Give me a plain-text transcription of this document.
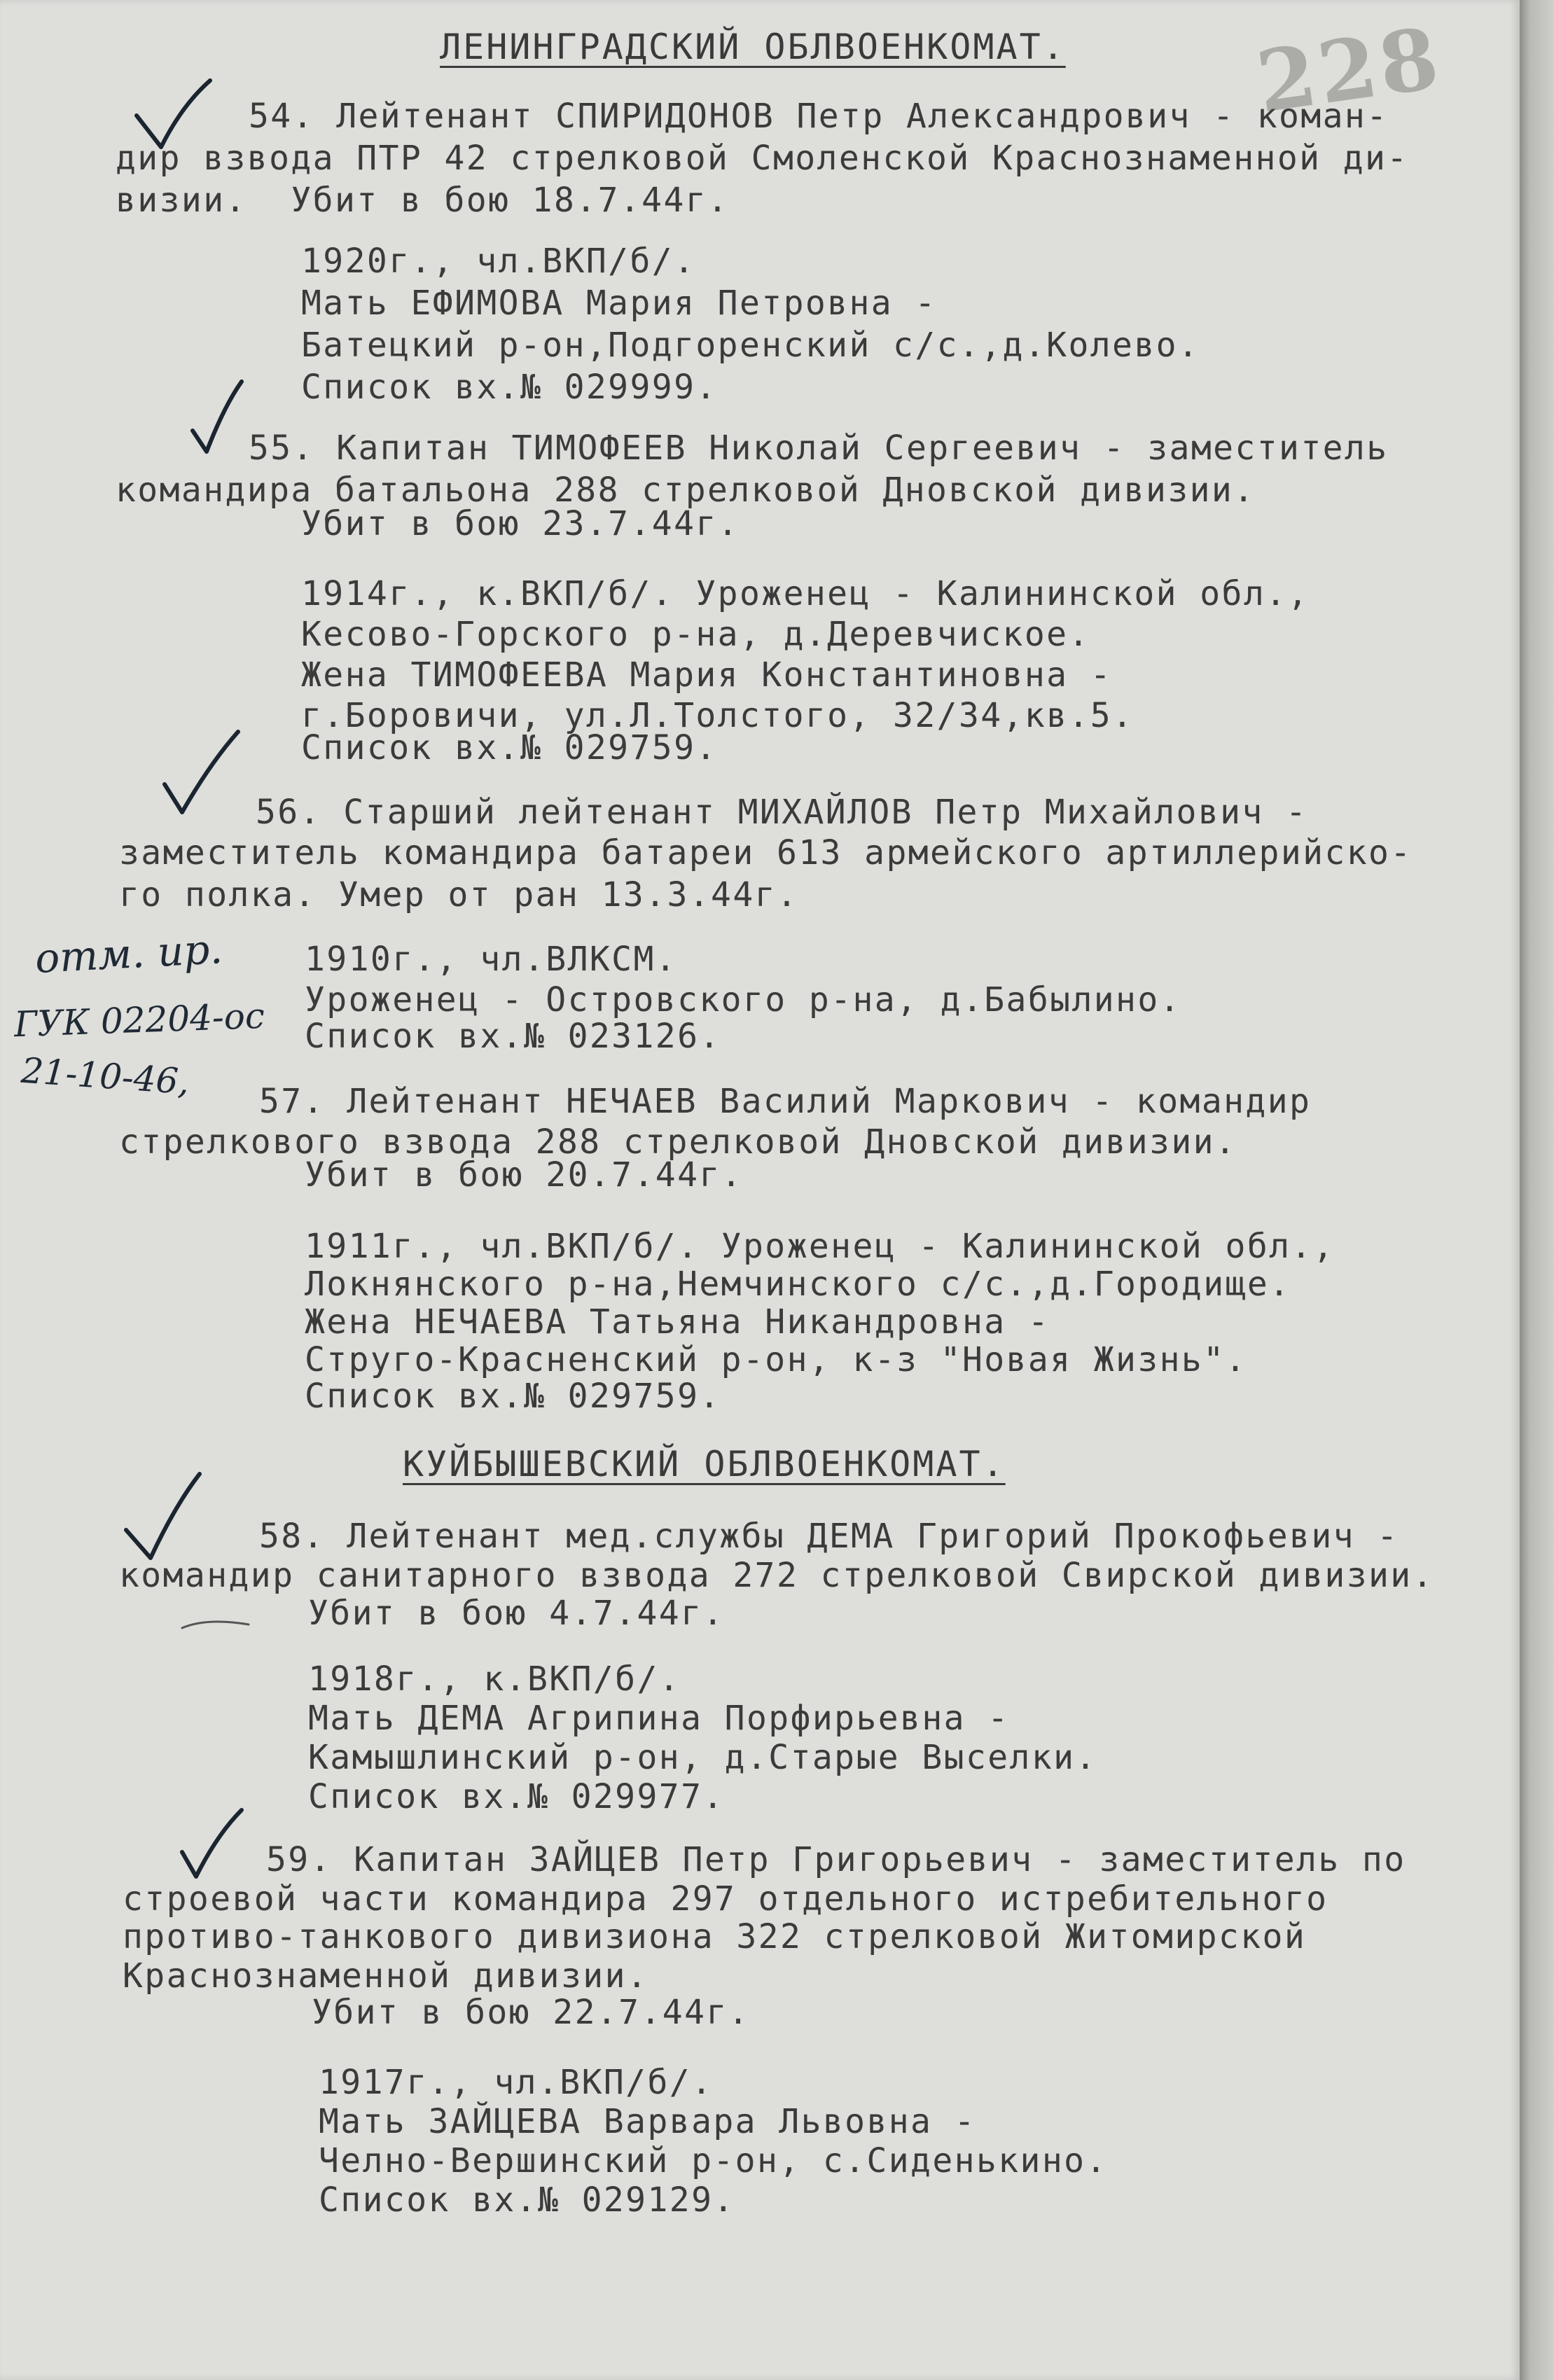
228
ЛЕНИНГРАДСКИЙ ОБЛВОЕНКОМАТ.
54. Лейтенант СПИРИДОНОВ Петр Александрович - коман-
дир взвода ПТР 42 стрелковой Смоленской Краснознаменной ди-
визии.  Убит в бою 18.7.44г.
1920г., чл.ВКП/б/.
Мать ЕФИМОВА Мария Петровна -
Батецкий р-он,Подгоренский с/с.,д.Колево.
Список вх.№ 029999.
55. Капитан ТИМОФЕЕВ Николай Сергеевич - заместитель
командира батальона 288 стрелковой Дновской дивизии.
Убит в бою 23.7.44г.
1914г., к.ВКП/б/. Уроженец - Калининской обл.,
Кесово-Горского р-на, д.Деревчиское.
Жена ТИМОФЕЕВА Мария Константиновна -
г.Боровичи, ул.Л.Толстого, 32/34,кв.5.
Список вх.№ 029759.
56. Старший лейтенант МИХАЙЛОВ Петр Михайлович -
заместитель командира батареи 613 армейского артиллерийско-
го полка. Умер от ран 13.3.44г.
1910г., чл.ВЛКСМ.
Уроженец - Островского р-на, д.Бабылино.
Список вх.№ 023126.
отм. ир.
ГУК 02204-ос
21-10-46, 57. Лейтенант НЕЧАЕВ Василий Маркович - командир
стрелкового взвода 288 стрелковой Дновской дивизии.
Убит в бою 20.7.44г.
1911г., чл.ВКП/б/. Уроженец - Калининской обл.,
Локнянского р-на,Немчинского с/с.,д.Городище.
Жена НЕЧАЕВА Татьяна Никандровна -
Струго-Красненский р-он, к-з "Новая Жизнь".
Список вх.№ 029759.
КУЙБЫШЕВСКИЙ ОБЛВОЕНКОМАТ.
58. Лейтенант мед.службы ДЕМА Григорий Прокофьевич -
командир санитарного взвода 272 стрелковой Свирской дивизии.
Убит в бою 4.7.44г.
1918г., к.ВКП/б/.
Мать ДЕМА Агрипина Порфирьевна -
Камышлинский р-он, д.Старые Выселки.
Список вх.№ 029977.
59. Капитан ЗАЙЦЕВ Петр Григорьевич - заместитель по
строевой части командира 297 отдельного истребительного
противо-танкового дивизиона 322 стрелковой Житомирской
Краснознаменной дивизии.
Убит в бою 22.7.44г.
1917г., чл.ВКП/б/.
Мать ЗАЙЦЕВА Варвара Львовна -
Челно-Вершинский р-он, с.Сиденькино.
Список вх.№ 029129.
